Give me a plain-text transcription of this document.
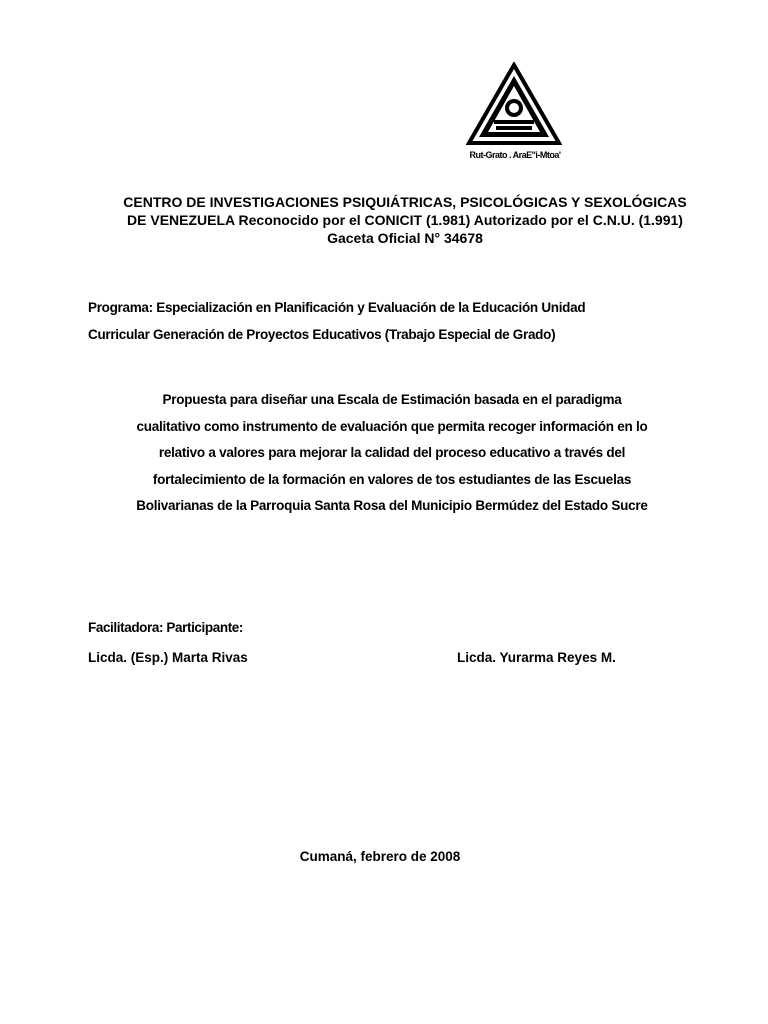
Rut-Grato . AraE"i-Mtoa'
CENTRO DE INVESTIGACIONES PSIQUIÁTRICAS, PSICOLÓGICAS Y SEXOLÓGICAS
DE VENEZUELA Reconocido por el CONICIT (1.981) Autorizado por el C.N.U. (1.991)
Gaceta Oficial N° 34678
Programa: Especialización en Planificación y Evaluación de la Educación Unidad
Curricular Generación de Proyectos Educativos (Trabajo Especial de Grado)
Propuesta para diseñar una Escala de Estimación basada en el paradigma
cualitativo como instrumento de evaluación que permita recoger información en lo
relativo a valores para mejorar la calidad del proceso educativo a través del
fortalecimiento de la formación en valores de tos estudiantes de las Escuelas
Bolivarianas de la Parroquia Santa Rosa del Municipio Bermúdez del Estado Sucre
Facilitadora: Participante:
Licda. (Esp.) Marta Rivas	Licda. Yurarma Reyes M.
Cumaná, febrero de 2008
